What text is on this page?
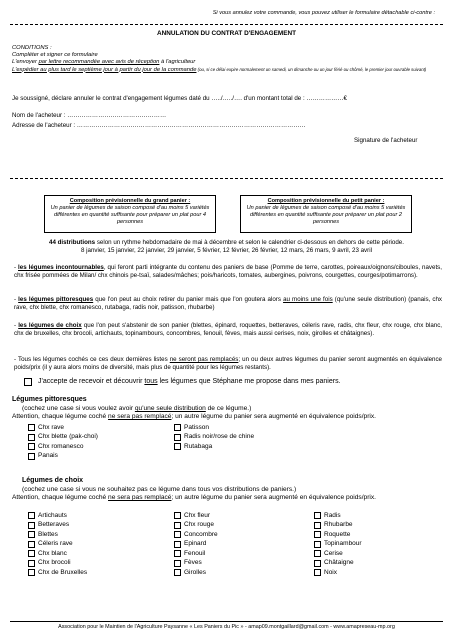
Si vous annulez votre commande, vous pouvez utiliser le formulaire détachable ci-contre :
ANNULATION DU CONTRAT D'ENGAGEMENT
CONDITIONS :
Compléter et signer ce formulaire
L'envoyer par lettre recommandée avec avis de réception à l'agriculteur
L'expédier au plus tard le septième jour à partir du jour de la commande (ou, si ce délai expire normalement un samedi, un dimanche ou un jour férié ou chômé, le premier jour ouvrable suivant)
Je soussigné, déclare annuler le contrat d'engagement légumes daté du …../…../…. d'un montant total de : ………………€
Nom de l'acheteur : …………………………………………
Adresse de l'acheteur : …………………………………………………………………………………………………
Signature de l'acheteur
Composition prévisionnelle du grand panier :
Un panier de légumes de saison composé d'au moins 5 variétés différentes en quantité suffisante pour préparer un plat pour 4 personnes
Composition prévisionnelle du petit panier :
Un panier de légumes de saison composé d'au moins 5 variétés différentes en quantité suffisante pour préparer un plat pour 2 personnes
44 distributions selon un rythme hebdomadaire de mai à décembre et selon le calendrier ci-dessous en dehors de cette période.
8 janvier, 15 janvier, 22 janvier, 29 janvier, 5 février, 12 février, 26 février, 12 mars, 26 mars, 9 avril, 23 avril
- les légumes incontournables, qui feront parti intégrante du contenu des paniers de base (Pomme de terre, carottes, poireaux/oignons/ciboules, navets, chx frisée pommées de Milan/ chx chinois pe-tsaï, salades/mâches; pois/haricots, tomates, aubergines, poivrons, courgettes, courges/potimarrons).
- les légumes pittoresques que l'on peut au choix retirer du panier mais que l'on goutera alors au moins une fois (qu'une seule distribution) (panais, chx rave, chx blette, chx romanesco, rutabaga, radis noir, patisson, rhubarbe)
- les légumes de choix que l'on peut s'abstenir de son panier (blettes, épinard, roquettes, betteraves, céleris rave, radis, chx fleur, chx rouge, chx blanc, chx de bruxelles, chx brocoli, artichauts, topinambours, concombres, fenouil, fèves, mais aussi cerises, noix, girolles et châtaignes).
- Tous les légumes cochés ce ces deux dernières listes ne seront pas remplacés; un ou deux autres légumes du panier seront augmentés en équivalence poids/prix (il y aura alors moins de diversité, mais plus de quantité pour les légumes restants).
J'accepte de recevoir et découvrir tous les légumes que Stéphane me propose dans mes paniers.
Légumes pittoresques
(cochez une case si vous voulez avoir qu'une seule distribution de ce légume.)
Attention, chaque légume coché ne sera pas remplacé; un autre légume du panier sera augmenté en équivalence poids/prix.
Chx rave
Chx blette (pak-choi)
Chx romanesco
Panais
Patisson
Radis noir/rose de chine
Rutabaga
Légumes de choix
(cochez une case si vous ne souhaitez pas ce légume dans tous vos distributions de paniers.)
Attention, chaque légume coché ne sera pas remplacé; un autre légume du panier sera augmenté en équivalence poids/prix.
Artichauts
Betteraves
Blettes
Céleris rave
Chx blanc
Chx brocoli
Chx de Bruxelles
Chx fleur
Chx rouge
Concombre
Epinard
Fenouil
Fèves
Girolles
Radis
Rhubarbe
Roquette
Topinambour
Cerise
Châtaigne
Noix
Association pour le Maintien de l'Agriculture Paysanne « Les Paniers du Pic » - amap09.montgaillard@gmail.com - www.amapreseau-mp.org
